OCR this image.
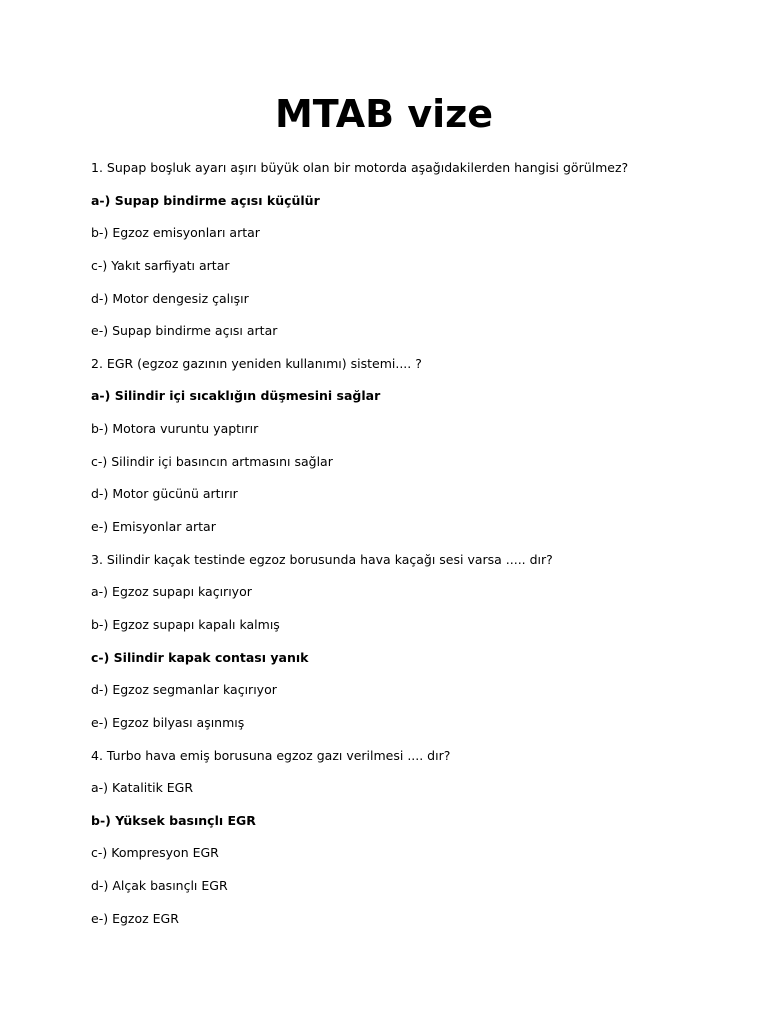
MTAB vize
1. Supap boşluk ayarı aşırı büyük olan bir motorda aşağıdakilerden hangisi görülmez?
a-) Supap bindirme açısı küçülür
b-) Egzoz emisyonları artar
c-) Yakıt sarfiyatı artar
d-) Motor dengesiz çalışır
e-) Supap bindirme açısı artar
2. EGR (egzoz gazının yeniden kullanımı) sistemi.... ?
a-) Silindir içi sıcaklığın düşmesini sağlar
b-) Motora vuruntu yaptırır
c-) Silindir içi basıncın artmasını sağlar
d-) Motor gücünü artırır
e-) Emisyonlar artar
3. Silindir kaçak testinde egzoz borusunda hava kaçağı sesi varsa ..... dır?
a-) Egzoz supapı kaçırıyor
b-) Egzoz supapı kapalı kalmış
c-) Silindir kapak contası yanık
d-) Egzoz segmanlar kaçırıyor
e-) Egzoz bilyası aşınmış
4. Turbo hava emiş borusuna egzoz gazı verilmesi .... dır?
a-) Katalitik EGR
b-) Yüksek basınçlı EGR
c-) Kompresyon EGR
d-) Alçak basınçlı EGR
e-) Egzoz EGR
